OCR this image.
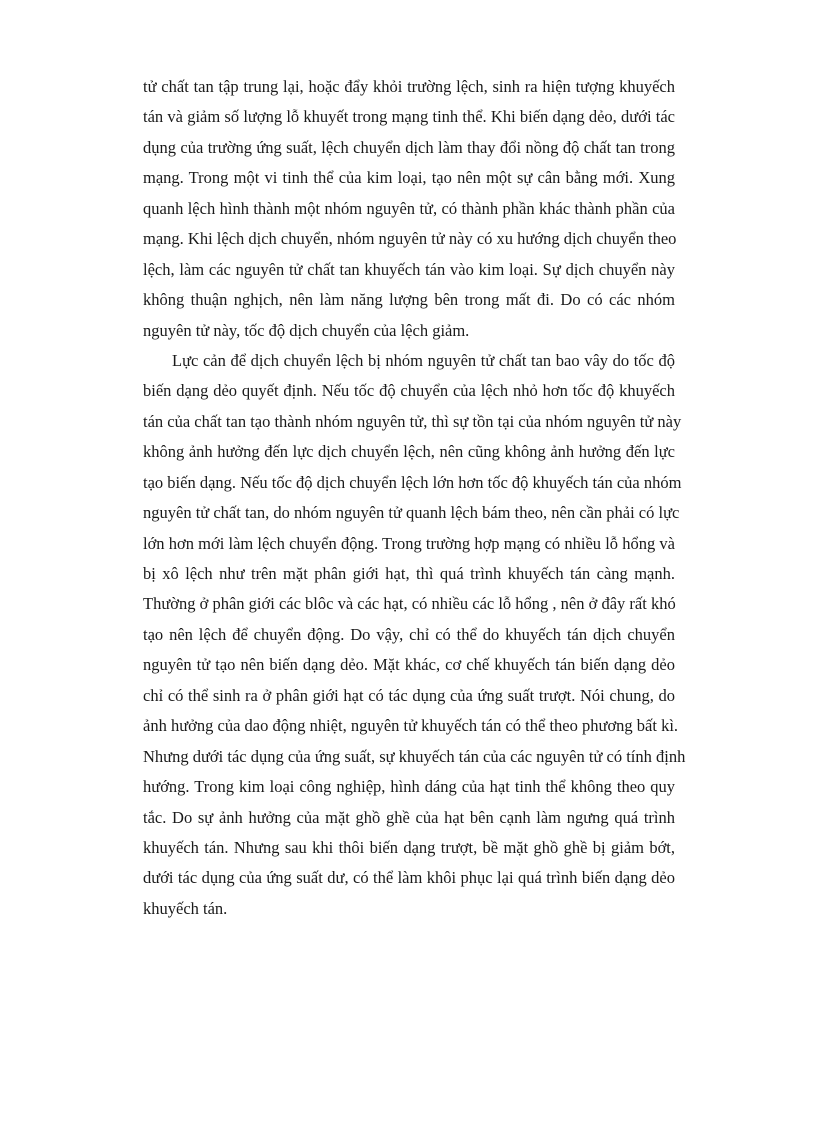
tử chất tan tập trung lại, hoặc đẩy khỏi trường lệch, sinh ra hiện tượng khuyếch
tán và giảm số lượng lỗ khuyết trong mạng tinh thể. Khi biến dạng dẻo, dưới tác
dụng của trường ứng suất, lệch chuyển dịch làm thay đổi nồng độ chất tan trong
mạng. Trong một vi tinh thể của kim loại, tạo nên một sự cân bằng mới. Xung
quanh lệch hình thành một nhóm nguyên tử, có thành phần khác thành phần của
mạng. Khi lệch dịch chuyển, nhóm nguyên tử này có xu hướng dịch chuyển theo
lệch, làm các nguyên tử chất tan khuyếch tán vào kim loại. Sự dịch chuyển này
không thuận nghịch, nên làm năng lượng bên trong mất đi. Do có các nhóm
nguyên tử này, tốc độ dịch chuyển của lệch giảm.

Lực cản để dịch chuyển lệch bị nhóm nguyên tử chất tan bao vây do tốc độ
biến dạng dẻo quyết định. Nếu tốc độ chuyển của lệch nhỏ hơn tốc độ khuyếch
tán của chất tan tạo thành nhóm nguyên tử, thì sự tồn tại của nhóm nguyên tử này
không ảnh hưởng đến lực dịch chuyển lệch, nên cũng không ảnh hưởng đến lực
tạo biến dạng. Nếu tốc độ dịch chuyển lệch lớn hơn tốc độ khuyếch tán của nhóm
nguyên tử chất tan, do nhóm nguyên tử quanh lệch bám theo, nên cần phải có lực
lớn hơn mới làm lệch chuyển động. Trong trường hợp mạng có nhiều lỗ hổng và
bị xô lệch như trên mặt phân giới hạt, thì quá trình khuyếch tán càng mạnh.
Thường ở phân giới các blôc và các hạt, có nhiều các lỗ hổng , nên ở đây rất khó
tạo nên lệch để chuyển động. Do vậy, chỉ có thể do khuyếch tán dịch chuyển
nguyên tử tạo nên biến dạng dẻo. Mặt khác, cơ chế khuyếch tán biến dạng dẻo
chỉ có thể sinh ra ở phân giới hạt có tác dụng của ứng suất trượt. Nói chung, do
ảnh hưởng của dao động nhiệt, nguyên tử khuyếch tán có thể theo phương bất kì.
Nhưng dưới tác dụng của ứng suất, sự khuyếch tán của các nguyên tử có tính định
hướng. Trong kim loại công nghiệp, hình dáng của hạt tinh thể không theo quy
tắc. Do sự ảnh hưởng của mặt ghồ ghề của hạt bên cạnh làm ngưng quá trình
khuyếch tán. Nhưng sau khi thôi biến dạng trượt, bề mặt ghồ ghề bị giảm bớt,
dưới tác dụng của ứng suất dư, có thể làm khôi phục lại quá trình biến dạng dẻo
khuyếch tán.
